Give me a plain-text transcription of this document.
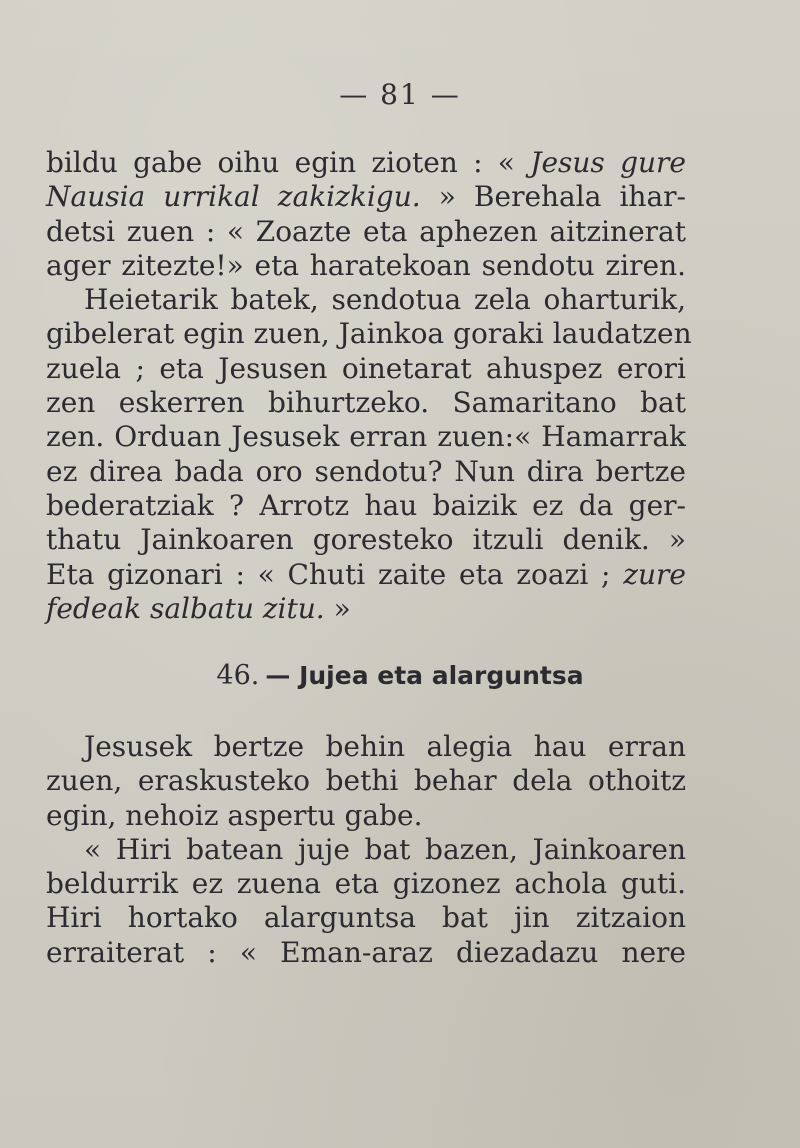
— 81 —
bildu gabe oihu egin zioten : « Jesus gure
Nausia urrikal zakizkigu. » Berehala ihar-
detsi zuen : « Zoazte eta aphezen aitzinerat
ager zitezte!» eta haratekoan sendotu ziren.
Heietarik batek, sendotua zela oharturik,
gibelerat egin zuen, Jainkoa goraki laudatzen
zuela ; eta Jesusen oinetarat ahuspez erori
zen eskerren bihurtzeko. Samaritano bat
zen. Orduan Jesusek erran zuen:« Hamarrak
ez direa bada oro sendotu? Nun dira bertze
bederatziak ? Arrotz hau baizik ez da ger-
thatu Jainkoaren goresteko itzuli denik. »
Eta gizonari : « Chuti zaite eta zoazi ; zure
fedeak salbatu zitu. »
46. — Jujea eta alarguntsa
Jesusek bertze behin alegia hau erran
zuen, eraskusteko bethi behar dela othoitz
egin, nehoiz aspertu gabe.
« Hiri batean juje bat bazen, Jainkoaren
beldurrik ez zuena eta gizonez achola guti.
Hiri hortako alarguntsa bat jin zitzaion
erraiterat : « Eman-araz diezadazu nere
